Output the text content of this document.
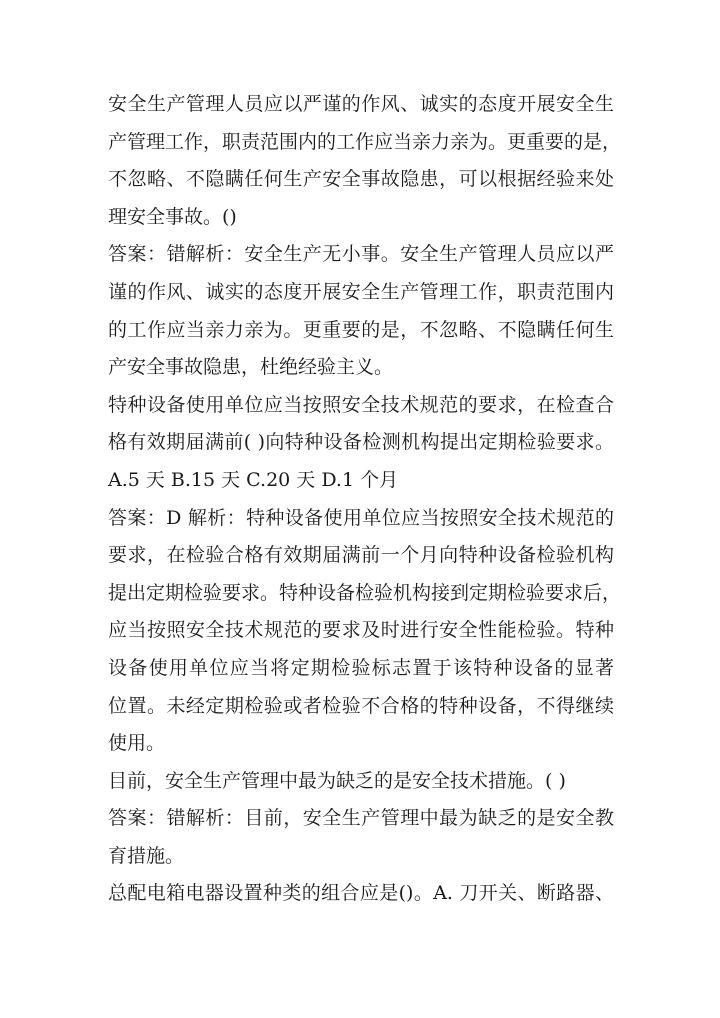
安全生产管理人员应以严谨的作风、诚实的态度开展安全生
产管理工作，职责范围内的工作应当亲力亲为。更重要的是，
不忽略、不隐瞒任何生产安全事故隐患，可以根据经验来处
理安全事故。()
答案：错解析：安全生产无小事。安全生产管理人员应以严
谨的作风、诚实的态度开展安全生产管理工作，职责范围内
的工作应当亲力亲为。更重要的是，不忽略、不隐瞒任何生
产安全事故隐患，杜绝经验主义。
特种设备使用单位应当按照安全技术规范的要求，在检查合
格有效期届满前( )向特种设备检测机构提出定期检验要求。
A.5 天 B.15 天 C.20 天 D.1 个月
答案：D 解析：特种设备使用单位应当按照安全技术规范的
要求，在检验合格有效期届满前一个月向特种设备检验机构
提出定期检验要求。特种设备检验机构接到定期检验要求后，
应当按照安全技术规范的要求及时进行安全性能检验。特种
设备使用单位应当将定期检验标志置于该特种设备的显著
位置。未经定期检验或者检验不合格的特种设备，不得继续
使用。
目前，安全生产管理中最为缺乏的是安全技术措施。( )
答案：错解析：目前，安全生产管理中最为缺乏的是安全教
育措施。
总配电箱电器设置种类的组合应是()。A. 刀开关、断路器、
